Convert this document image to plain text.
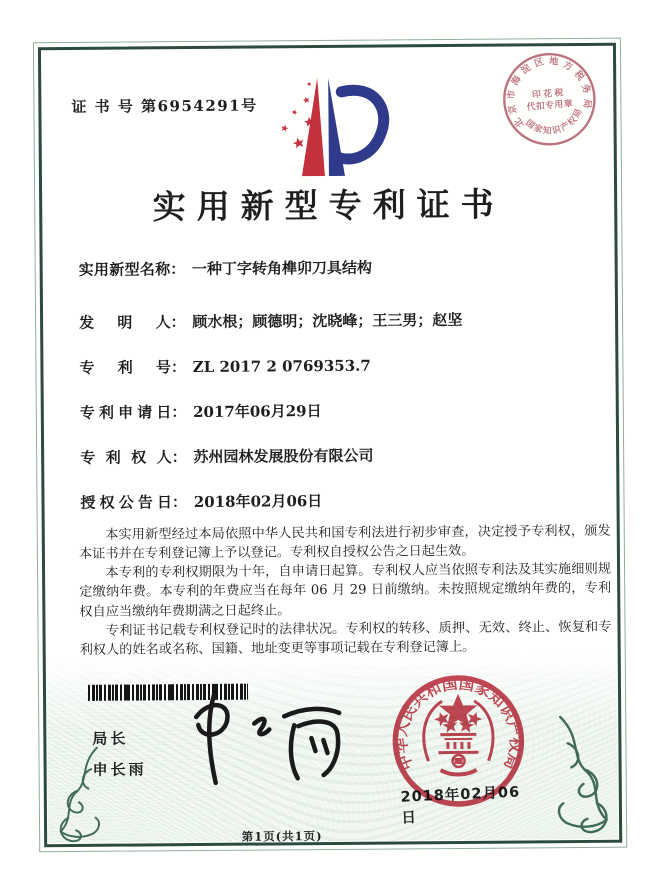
证 书 号 第6954291号
北京市海淀区地方税务局
国家知识产权局
印花税
代扣专用章
实用新型专利证书
实用新型名称 ： 一种丁字转角榫卯刀具结构
发明人 ： 顾水根；顾德明；沈晓峰；王三男；赵坚
专利号 ： ZL 2017 2 0769353.7
专利申请日 ： 2017年06月29日
专利权人 ： 苏州园林发展股份有限公司
授权公告日 ： 2018年02月06日

本实用新型经过本局依照中华人民共和国专利法进行初步审查，决定授予专利权，颁发本证书并在专利登记簿上予以登记。专利权自授权公告之日起生效。

本专利的专利权期限为十年，自申请日起算。专利权人应当依照专利法及其实施细则规定缴纳年费。本专利的年费应当在每年 06 月 29 日前缴纳。未按照规定缴纳年费的，专利权自应当缴纳年费期满之日起终止。

专利证书记载专利权登记时的法律状况。专利权的转移、质押、无效、终止、恢复和专利权人的姓名或名称、国籍、地址变更等事项记载在专利登记簿上。

局长
申长雨
2018年02月06日
中华人民共和国国家知识产权局
第1页(共1页)
